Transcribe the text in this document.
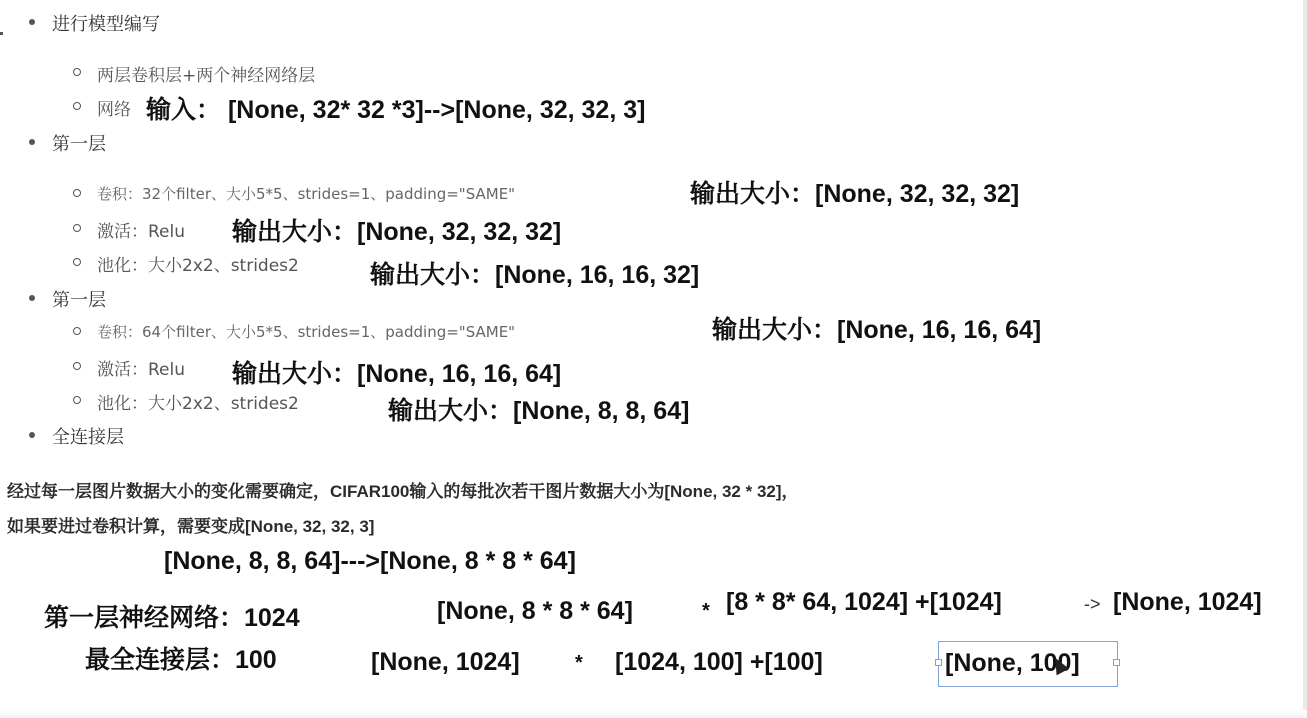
进行模型编写
两层卷积层+两个神经网络层
网络 输入： [None, 32* 32 *3]-->[None, 32, 32, 3]
第一层
卷积：32个filter、大小5*5、strides=1、padding="SAME"	输出大小：[None, 32, 32, 32]
激活：Relu 输出大小：[None, 32, 32, 32]
池化：大小2x2、strides2	输出大小：[None, 16, 16, 32]
第一层
卷积：64个filter、大小5*5、strides=1、padding="SAME"	输出大小：[None, 16, 16, 64]
激活：Relu 输出大小：[None, 16, 16, 64]
池化：大小2x2、strides2	输出大小：[None, 8, 8, 64]
全连接层
经过每一层图片数据大小的变化需要确定，CIFAR100输入的每批次若干图片数据大小为[None, 32 * 32]，
如果要进过卷积计算，需要变成[None, 32, 32, 3]
[None, 8, 8, 64]--->[None, 8 * 8 * 64]
第一层神经网络：1024	[None, 8 * 8 * 64]	* [8 * 8* 64, 1024] +[1024]	-> [None, 1024]
最全连接层：100	[None, 1024]	* [1024, 100] +[100]	[None, 100]
